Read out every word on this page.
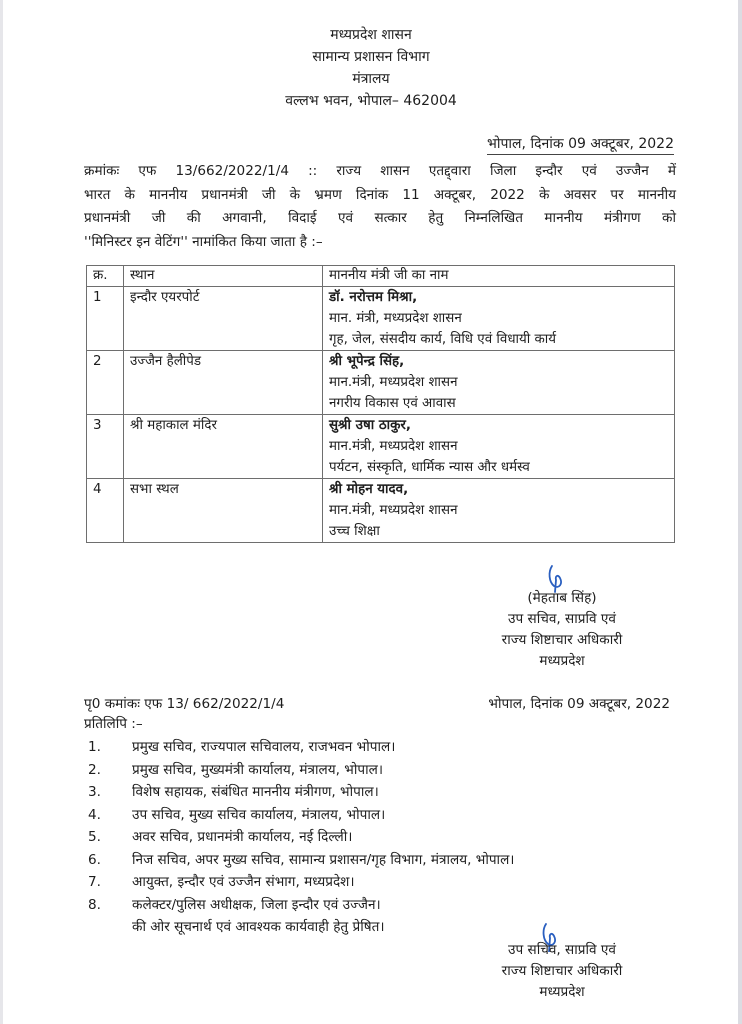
मध्यप्रदेश शासन
सामान्य प्रशासन विभाग
मंत्रालय
वल्लभ भवन, भोपाल– 462004
भोपाल, दिनांक 09 अक्टूबर, 2022
क्रमांकः एफ 13/662/2022/1/4 :: राज्य शासन एतद्द्वारा जिला इन्दौर एवं उज्जैन में
भारत के माननीय प्रधानमंत्री जी के भ्रमण दिनांक 11 अक्टूबर, 2022 के अवसर पर माननीय
प्रधानमंत्री जी की अगवानी, विदाई एवं सत्कार हेतु निम्नलिखित माननीय मंत्रीगण को
''मिनिस्टर इन वेटिंग'' नामांकित किया जाता है :–
क्र.	स्थान	माननीय मंत्री जी का नाम
1	इन्दौर एयरपोर्ट	डॉ. नरोत्तम मिश्रा,
मान. मंत्री, मध्यप्रदेश शासन
गृह, जेल, संसदीय कार्य, विधि एवं विधायी कार्य

2	उज्जैन हैलीपेड	श्री भूपेन्द्र सिंह,
मान.मंत्री, मध्यप्रदेश शासन
नगरीय विकास एवं आवास

3	श्री महाकाल मंदिर	सुश्री उषा ठाकुर,
मान.मंत्री, मध्यप्रदेश शासन
पर्यटन, संस्कृति, धार्मिक न्यास और धर्मस्व

4	सभा स्थल	श्री मोहन यादव,
मान.मंत्री, मध्यप्रदेश शासन
उच्च शिक्षा
(मेहताब सिंह)
उप सचिव, साप्रवि एवं
राज्य शिष्टाचार अधिकारी
मध्यप्रदेश
पृ0 कमांकः एफ 13/ 662/2022/1/4	भोपाल, दिनांक 09 अक्टूबर, 2022
प्रतिलिपि :–
1.	प्रमुख सचिव, राज्यपाल सचिवालय, राजभवन भोपाल।
2.	प्रमुख सचिव, मुख्यमंत्री कार्यालय, मंत्रालय, भोपाल।
3.	विशेष सहायक, संबंधित माननीय मंत्रीगण, भोपाल।
4.	उप सचिव, मुख्य सचिव कार्यालय, मंत्रालय, भोपाल।
5.	अवर सचिव, प्रधानमंत्री कार्यालय, नई दिल्ली।
6.	निज सचिव, अपर मुख्य सचिव, सामान्य प्रशासन/गृह विभाग, मंत्रालय, भोपाल।
7.	आयुक्त, इन्दौर एवं उज्जैन संभाग, मध्यप्रदेश।
8.	कलेक्टर/पुलिस अधीक्षक, जिला इन्दौर एवं उज्जैन।
की ओर सूचनार्थ एवं आवश्यक कार्यवाही हेतु प्रेषित।
उप सचिव, साप्रवि एवं
राज्य शिष्टाचार अधिकारी
मध्यप्रदेश
